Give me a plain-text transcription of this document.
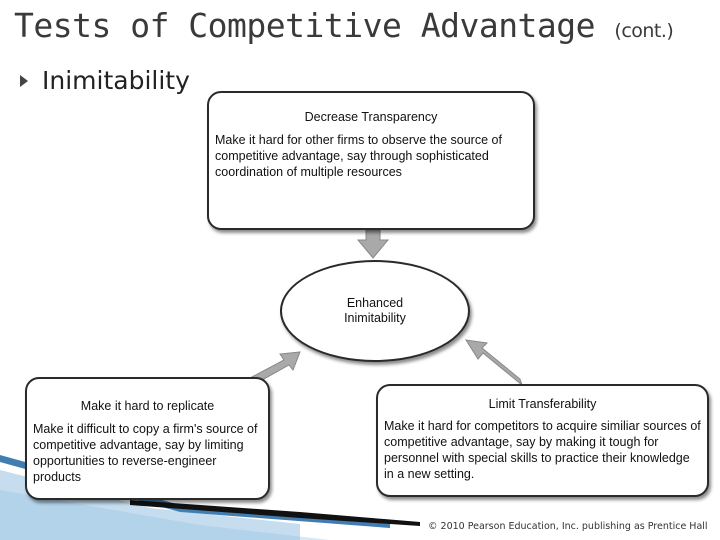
Tests of Competitive Advantage (cont.)
Inimitability
Decrease Transparency
Make it hard for other firms to observe the source of competitive advantage, say through sophisticated coordination of multiple resources
Enhanced
Inimitability
Make it hard to replicate
Make it difficult to copy a firm's source of competitive advantage, say by limiting opportunities to reverse-engineer products
Limit Transferability
Make it hard for competitors to acquire similiar sources of competitive advantage, say by making it tough for personnel with special skills to practice their knowledge in a new setting.
© 2010 Pearson Education, Inc. publishing as Prentice Hall
